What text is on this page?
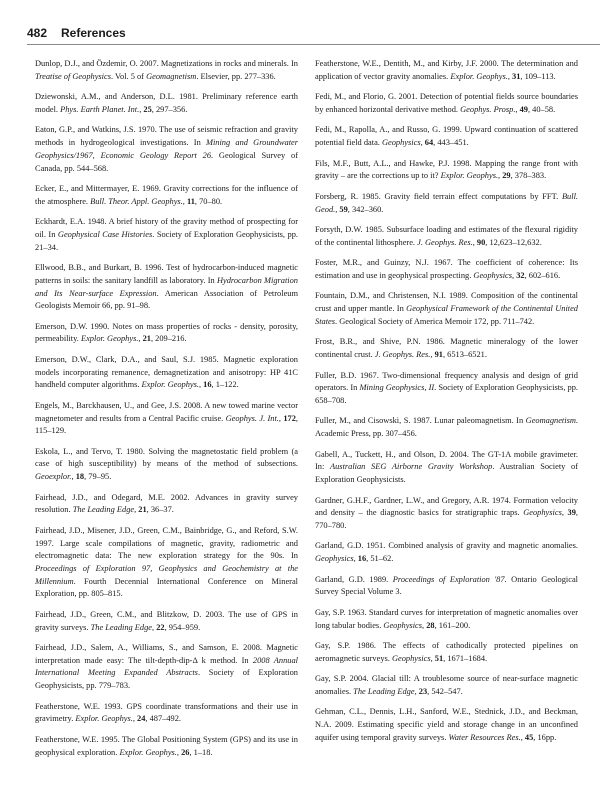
482 References

Dunlop, D.J., and Özdemir, O. 2007. Magnetizations in rocks and minerals. In Treatise of Geophysics. Vol. 5 of Geomagnetism. Elsevier, pp. 277–336.

Dziewonski, A.M., and Anderson, D.L. 1981. Preliminary reference earth model. Phys. Earth Planet. Int., 25, 297–356.

Eaton, G.P., and Watkins, J.S. 1970. The use of seismic refraction and gravity methods in hydrogeological investigations. In Mining and Groundwater Geophysics/1967, Economic Geology Report 26. Geological Survey of Canada, pp. 544–568.

Ecker, E., and Mittermayer, E. 1969. Gravity corrections for the influence of the atmosphere. Bull. Theor. Appl. Geophys., 11, 70–80.

Eckhardt, E.A. 1948. A brief history of the gravity method of prospecting for oil. In Geophysical Case Histories. Society of Exploration Geophysicists, pp. 21–34.

Ellwood, B.B., and Burkart, B. 1996. Test of hydrocarbon-induced magnetic patterns in soils: the sanitary landfill as laboratory. In Hydrocarbon Migration and Its Near-surface Expression. American Association of Petroleum Geologists Memoir 66, pp. 91–98.

Emerson, D.W. 1990. Notes on mass properties of rocks - density, porosity, permeability. Explor. Geophys., 21, 209–216.

Emerson, D.W., Clark, D.A., and Saul, S.J. 1985. Magnetic exploration models incorporating remanence, demagnetization and anisotropy: HP 41C handheld computer algorithms. Explor. Geophys., 16, 1–122.

Engels, M., Barckhausen, U., and Gee, J.S. 2008. A new towed marine vector magnetometer and results from a Central Pacific cruise. Geophys. J. Int., 172, 115–129.

Eskola, L., and Tervo, T. 1980. Solving the magnetostatic field problem (a case of high susceptibility) by means of the method of subsections. Geoexplor., 18, 79–95.

Fairhead, J.D., and Odegard, M.E. 2002. Advances in gravity survey resolution. The Leading Edge, 21, 36–37.

Fairhead, J.D., Misener, J.D., Green, C.M., Bainbridge, G., and Reford, S.W. 1997. Large scale compilations of magnetic, gravity, radiometric and electromagnetic data: The new exploration strategy for the 90s. In Proceedings of Exploration 97, Geophysics and Geochemistry at the Millennium. Fourth Decennial International Conference on Mineral Exploration, pp. 805–815.

Fairhead, J.D., Green, C.M., and Blitzkow, D. 2003. The use of GPS in gravity surveys. The Leading Edge, 22, 954–959.

Fairhead, J.D., Salem, A., Williams, S., and Samson, E. 2008. Magnetic interpretation made easy: The tilt-depth-dip-Δ k method. In 2008 Annual International Meeting Expanded Abstracts. Society of Exploration Geophysicists, pp. 779–783.

Featherstone, W.E. 1993. GPS coordinate transformations and their use in gravimetry. Explor. Geophys., 24, 487–492.

Featherstone, W.E. 1995. The Global Positioning System (GPS) and its use in geophysical exploration. Explor. Geophys., 26, 1–18.

Featherstone, W.E., Dentith, M., and Kirby, J.F. 2000. The determination and application of vector gravity anomalies. Explor. Geophys., 31, 109–113.

Fedi, M., and Florio, G. 2001. Detection of potential fields source boundaries by enhanced horizontal derivative method. Geophys. Prosp., 49, 40–58.

Fedi, M., Rapolla, A., and Russo, G. 1999. Upward continuation of scattered potential field data. Geophysics, 64, 443–451.

Fils, M.F., Butt, A.L., and Hawke, P.J. 1998. Mapping the range front with gravity – are the corrections up to it? Explor. Geophys., 29, 378–383.

Forsberg, R. 1985. Gravity field terrain effect computations by FFT. Bull. Geod., 59, 342–360.

Forsyth, D.W. 1985. Subsurface loading and estimates of the flexural rigidity of the continental lithosphere. J. Geophys. Res., 90, 12,623–12,632.

Foster, M.R., and Guinzy, N.J. 1967. The coefficient of coherence: Its estimation and use in geophysical prospecting. Geophysics, 32, 602–616.

Fountain, D.M., and Christensen, N.I. 1989. Composition of the continental crust and upper mantle. In Geophysical Framework of the Continental United States. Geological Society of America Memoir 172, pp. 711–742.

Frost, B.R., and Shive, P.N. 1986. Magnetic mineralogy of the lower continental crust. J. Geophys. Res., 91, 6513–6521.

Fuller, B.D. 1967. Two-dimensional frequency analysis and design of grid operators. In Mining Geophysics, II. Society of Exploration Geophysicists, pp. 658–708.

Fuller, M., and Cisowski, S. 1987. Lunar paleomagnetism. In Geomagnetism. Academic Press, pp. 307–456.

Gabell, A., Tuckett, H., and Olson, D. 2004. The GT-1A mobile gravimeter. In: Australian SEG Airborne Gravity Workshop. Australian Society of Exploration Geophysicists.

Gardner, G.H.F., Gardner, L.W., and Gregory, A.R. 1974. Formation velocity and density – the diagnostic basics for stratigraphic traps. Geophysics, 39, 770–780.

Garland, G.D. 1951. Combined analysis of gravity and magnetic anomalies. Geophysics, 16, 51–62.

Garland, G.D. 1989. Proceedings of Exploration '87. Ontario Geological Survey Special Volume 3.

Gay, S.P. 1963. Standard curves for interpretation of magnetic anomalies over long tabular bodies. Geophysics, 28, 161–200.

Gay, S.P. 1986. The effects of cathodically protected pipelines on aeromagnetic surveys. Geophysics, 51, 1671–1684.

Gay, S.P. 2004. Glacial till: A troublesome source of near-surface magnetic anomalies. The Leading Edge, 23, 542–547.

Gehman, C.L., Dennis, L.H., Sanford, W.E., Stednick, J.D., and Beckman, N.A. 2009. Estimating specific yield and storage change in an unconfined aquifer using temporal gravity surveys. Water Resources Res., 45, 16pp.
